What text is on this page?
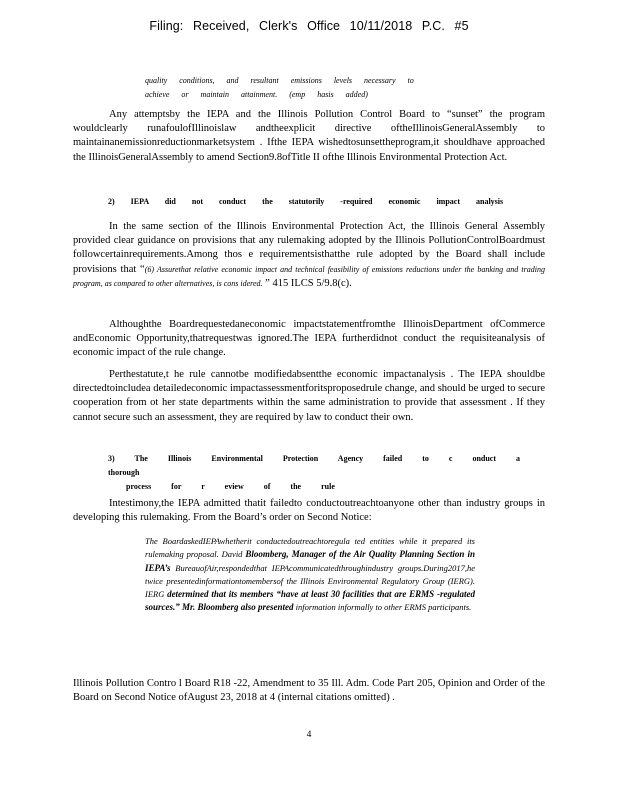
Filing: Received, Clerk's Office 10/11/2018 P.C. #5
quality conditions, and resultant emissions levels necessary to
achieve or maintain attainment. (emp hasis added)

Any attemptsby the IEPA and the Illinois Pollution Control Board to “sunset” the program wouldclearly runafoulofIllinoislaw andtheexplicit directive oftheIllinoisGeneralAssembly to maintainanemissionreductionmarketsystem . Ifthe IEPA wishedtosunsettheprogram,it shouldhave approached the IllinoisGeneralAssembly to amend Section9.8ofTitle II ofthe Illinois Environmental Protection Act.

2) IEPA did not conduct the statutorily -required economic impact analysis

In the same section of the Illinois Environmental Protection Act, the Illinois General Assembly provided clear guidance on provisions that any rulemaking adopted by the Illinois PollutionControlBoardmust followcertainrequirements.Among thos e requirementsisthatthe rule adopted by the Board shall include provisions that “(6) Assurethat relative economic impact and technical feasibility of emissions reductions under the banking and trading program, as compared to other alternatives, is cons idered. ” 415 ILCS 5/9.8(c).

Althoughthe Boardrequestedaneconomic impactstatementfromthe IllinoisDepartment ofCommerce andEconomic Opportunity,thatrequestwas ignored.The IEPA furtherdidnot conduct the requisiteanalysis of economic impact of the rule change.

Perthestatute,t he rule cannotbe modifiedabsentthe economic impactanalysis . The IEPA shouldbe directedtoincludea detailedeconomic impactassessmentforitsproposedrule change, and should be urged to secure cooperation from ot her state departments within the same administration to provide that assessment . If they cannot secure such an assessment, they are required by law to conduct their own.

3) The Illinois Environmental Protection Agency failed to c onduct a thorough
process for r eview of the rule

Intestimony,the IEPA admitted thatit failedto conductoutreachtoanyone other than industry groups in developing this rulemaking. From the Board’s order on Second Notice:

The BoardaskedIEPAwhetherit conductedoutreachtoregula ted entities while it prepared its rulemaking proposal. David Bloomberg, Manager of the Air Quality Planning Section in IEPA’s BureauofAir,respondedthat IEPAcommunicatedthroughindustry groups.During2017,he twice presentedinformationtomembersof the Illinois Environmental Regulatory Group (IERG). IERG determined that its members “have at least 30 facilities that are ERMS -regulated sources.” Mr. Bloomberg also presented information informally to other ERMS participants.

Illinois Pollution Contro l Board R18 -22, Amendment to 35 Ill. Adm. Code Part 205, Opinion and Order of the Board on Second Notice ofAugust 23, 2018 at 4 (internal citations omitted) .

4
